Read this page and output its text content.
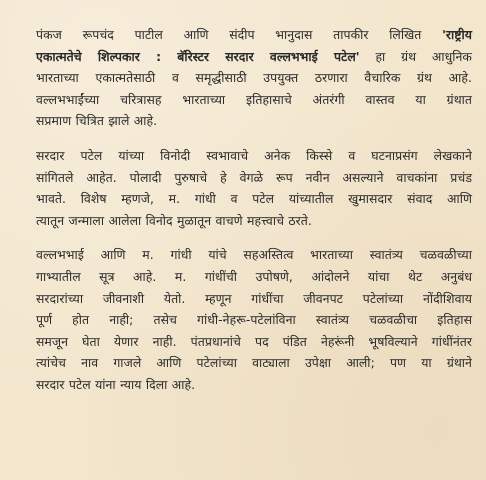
पंकज रूपचंद पाटील आणि संदीप भानुदास तापकीर लिखित 'राष्ट्रीय
एकात्मतेचे शिल्पकार : बॅरिस्टर सरदार वल्लभभाई पटेल' हा ग्रंथ आधुनिक
भारताच्या एकात्मतेसाठी व समृद्धीसाठी उपयुक्त ठरणारा वैचारिक ग्रंथ आहे.
वल्लभभाईंच्या चरित्रासह भारताच्या इतिहासाचे अंतरंगी वास्तव या ग्रंथात
सप्रमाण चित्रित झाले आहे.

सरदार पटेल यांच्या विनोदी स्वभावाचे अनेक किस्से व घटनाप्रसंग लेखकाने
सांगितले आहेत. पोलादी पुरुषाचे हे वेगळे रूप नवीन असल्याने वाचकांना प्रचंड
भावते. विशेष म्हणजे, म. गांधी व पटेल यांच्यातील खुमासदार संवाद आणि
त्यातून जन्माला आलेला विनोद मुळातून वाचणे महत्त्वाचे ठरते.

वल्लभभाई आणि म. गांधी यांचे सहअस्तित्व भारताच्या स्वातंत्र्य चळवळीच्या
गाभ्यातील सूत्र आहे. म. गांधींची उपोषणे, आंदोलने यांचा थेट अनुबंध
सरदारांच्या जीवनाशी येतो. म्हणून गांधींचा जीवनपट पटेलांच्या नोंदीशिवाय
पूर्ण होत नाही; तसेच गांधी-नेहरू-पटेलांविना स्वातंत्र्य चळवळीचा इतिहास
समजून घेता येणार नाही. पंतप्रधानांचे पद पंडित नेहरूंनी भूषविल्याने गांधींनंतर
त्यांचेच नाव गाजले आणि पटेलांच्या वाट्याला उपेक्षा आली; पण या ग्रंथाने
सरदार पटेल यांना न्याय दिला आहे.
